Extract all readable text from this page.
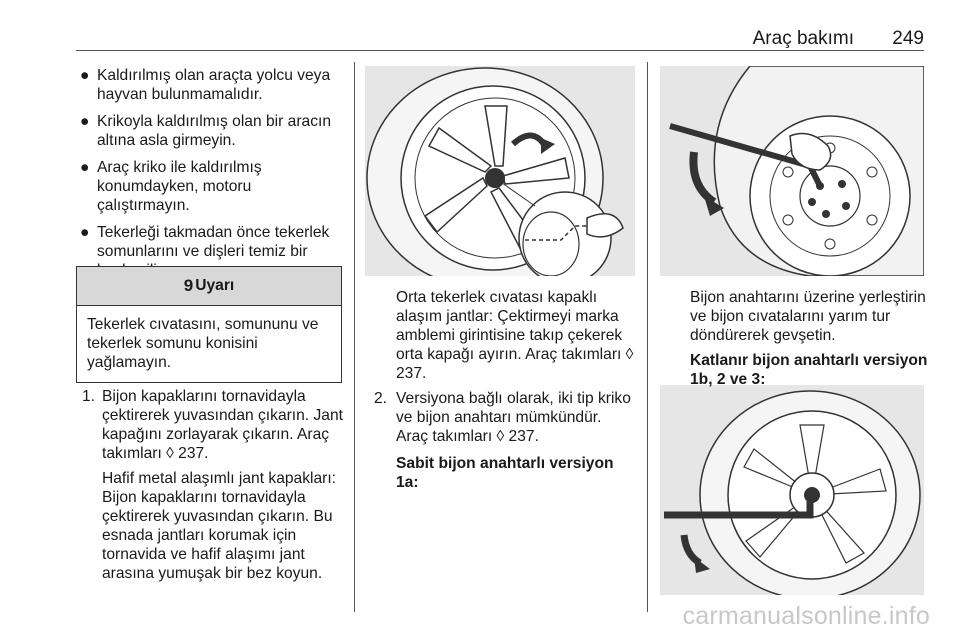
Araç bakımı 249
● Kaldırılmış olan araçta yolcu veya hayvan bulunmamalıdır.
● Krikoyla kaldırılmış olan bir aracın altına asla girmeyin.
● Araç kriko ile kaldırılmış konumdayken, motoru çalıştırmayın.
● Tekerleği takmadan önce tekerlek somunlarını ve dişleri temiz bir
9 Uyarı
Tekerlek cıvatasını, somununu ve tekerlek somunu konisini yağlamayın.
1. Bijon kapaklarını tornavidayla çektirerek yuvasından çıkarın. Jant kapağını zorlayarak çıkarın. Araç takımları ◊ 237.

Hafif metal alaşımlı jant kapakları: Bijon kapaklarını tornavidayla çektirerek yuvasından çıkarın. Bu esnada jantları korumak için tornavida ve hafif alaşımı jant arasına yumuşak bir bez koyun.

Orta tekerlek cıvatası kapaklı alaşım jantlar: Çektirmeyi marka amblemi girintisine takıp çekerek orta kapağı ayırın. Araç takımları ◊ 237.

2. Versiyona bağlı olarak, iki tip kriko ve bijon anahtarı mümkündür. Araç takımları ◊ 237.

Sabit bijon anahtarlı versiyon 1a:

Bijon anahtarını üzerine yerleştirin ve bijon cıvatalarını yarım tur döndürerek gevşetin.

Katlanır bijon anahtarlı versiyon 1b, 2 ve 3:

carmanualsonline.info
